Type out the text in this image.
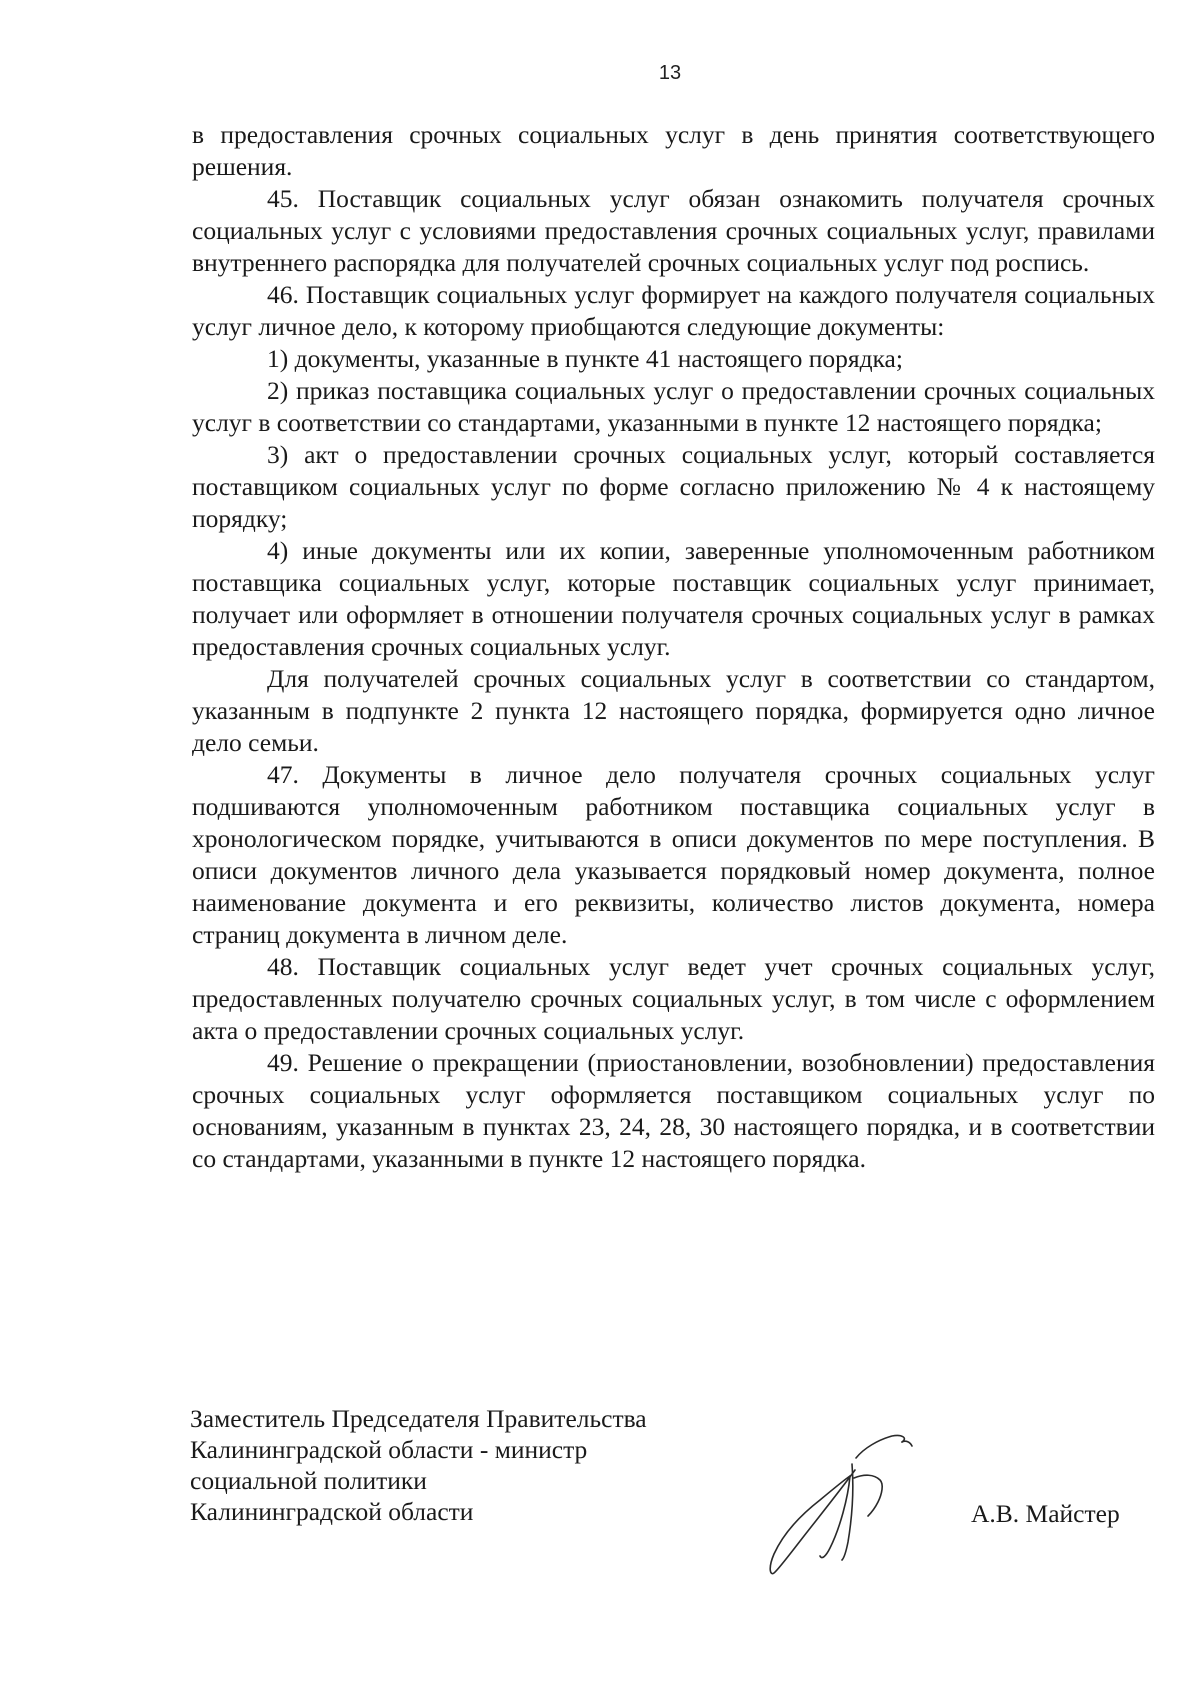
13

в предоставления срочных социальных услуг в день принятия соответствующего решения.

45. Поставщик социальных услуг обязан ознакомить получателя срочных социальных услуг с условиями предоставления срочных социальных услуг, правилами внутреннего распорядка для получателей срочных социальных услуг под роспись.

46. Поставщик социальных услуг формирует на каждого получателя социальных услуг личное дело, к которому приобщаются следующие документы:

1) документы, указанные в пункте 41 настоящего порядка;

2) приказ поставщика социальных услуг о предоставлении срочных социальных услуг в соответствии со стандартами, указанными в пункте 12 настоящего порядка;

3) акт о предоставлении срочных социальных услуг, который составляется поставщиком социальных услуг по форме согласно приложению № 4 к настоящему порядку;

4) иные документы или их копии, заверенные уполномоченным работником поставщика социальных услуг, которые поставщик социальных услуг принимает, получает или оформляет в отношении получателя срочных социальных услуг в рамках предоставления срочных социальных услуг.

Для получателей срочных социальных услуг в соответствии со стандартом, указанным в подпункте 2 пункта 12 настоящего порядка, формируется одно личное дело семьи.

47. Документы в личное дело получателя срочных социальных услуг подшиваются уполномоченным работником поставщика социальных услуг в хронологическом порядке, учитываются в описи документов по мере поступления. В описи документов личного дела указывается порядковый номер документа, полное наименование документа и его реквизиты, количество листов документа, номера страниц документа в личном деле.

48. Поставщик социальных услуг ведет учет срочных социальных услуг, предоставленных получателю срочных социальных услуг, в том числе с оформлением акта о предоставлении срочных социальных услуг.

49. Решение о прекращении (приостановлении, возобновлении) предоставления срочных социальных услуг оформляется поставщиком социальных услуг по основаниям, указанным в пунктах 23, 24, 28, 30 настоящего порядка, и в соответствии со стандартами, указанными в пункте 12 настоящего порядка.

Заместитель Председателя Правительства
Калининградской области - министр
социальной политики
Калининградской области	А.В. Майстер
